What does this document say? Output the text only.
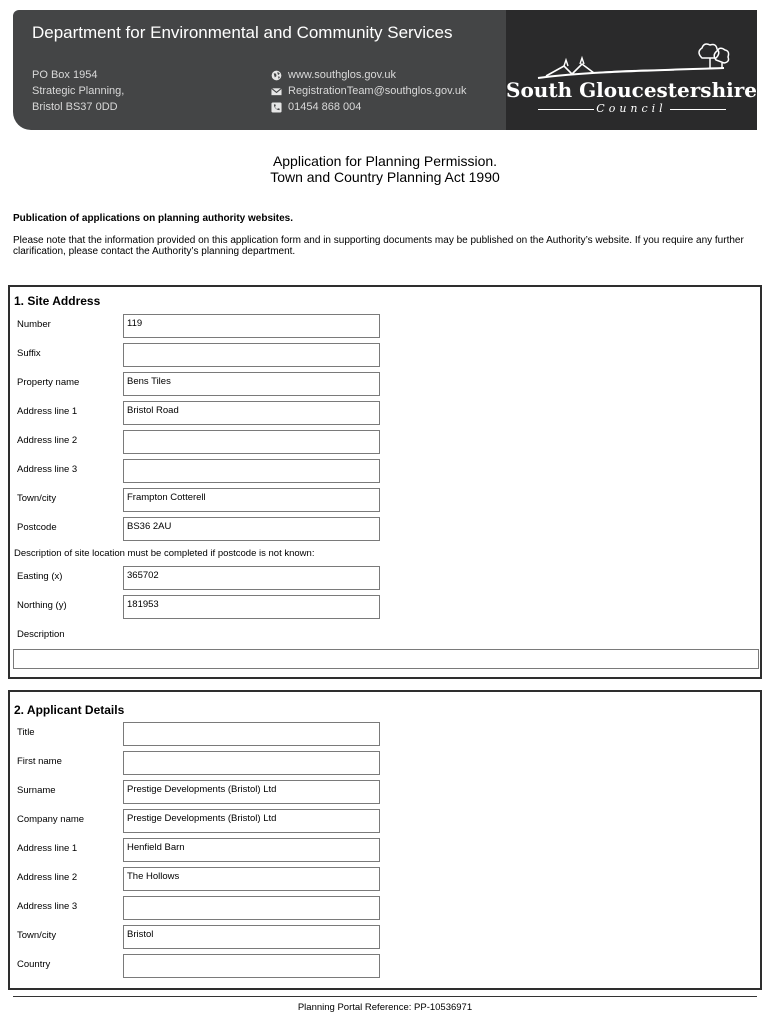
Department for Environmental and Community Services
PO Box 1954
Strategic Planning,
Bristol BS37 0DD
www.southglos.gov.uk
RegistrationTeam@southglos.gov.uk
01454 868 004
South Gloucestershire
Council
Application for Planning Permission.
Town and Country Planning Act 1990
Publication of applications on planning authority websites.
Please note that the information provided on this application form and in supporting documents may be published on the Authority’s website. If you require any further clarification, please contact the Authority’s planning department.
1. Site Address
Number	119
Suffix
Property name	Bens Tiles
Address line 1	Bristol Road
Address line 2
Address line 3
Town/city	Frampton Cotterell
Postcode	BS36 2AU
Description of site location must be completed if postcode is not known:
Easting (x)	365702
Northing (y)	181953
Description
2. Applicant Details
Title
First name
Surname	Prestige Developments (Bristol) Ltd
Company name	Prestige Developments (Bristol) Ltd
Address line 1	Henfield Barn
Address line 2	The Hollows
Address line 3
Town/city	Bristol
Country
Planning Portal Reference: PP-10536971
